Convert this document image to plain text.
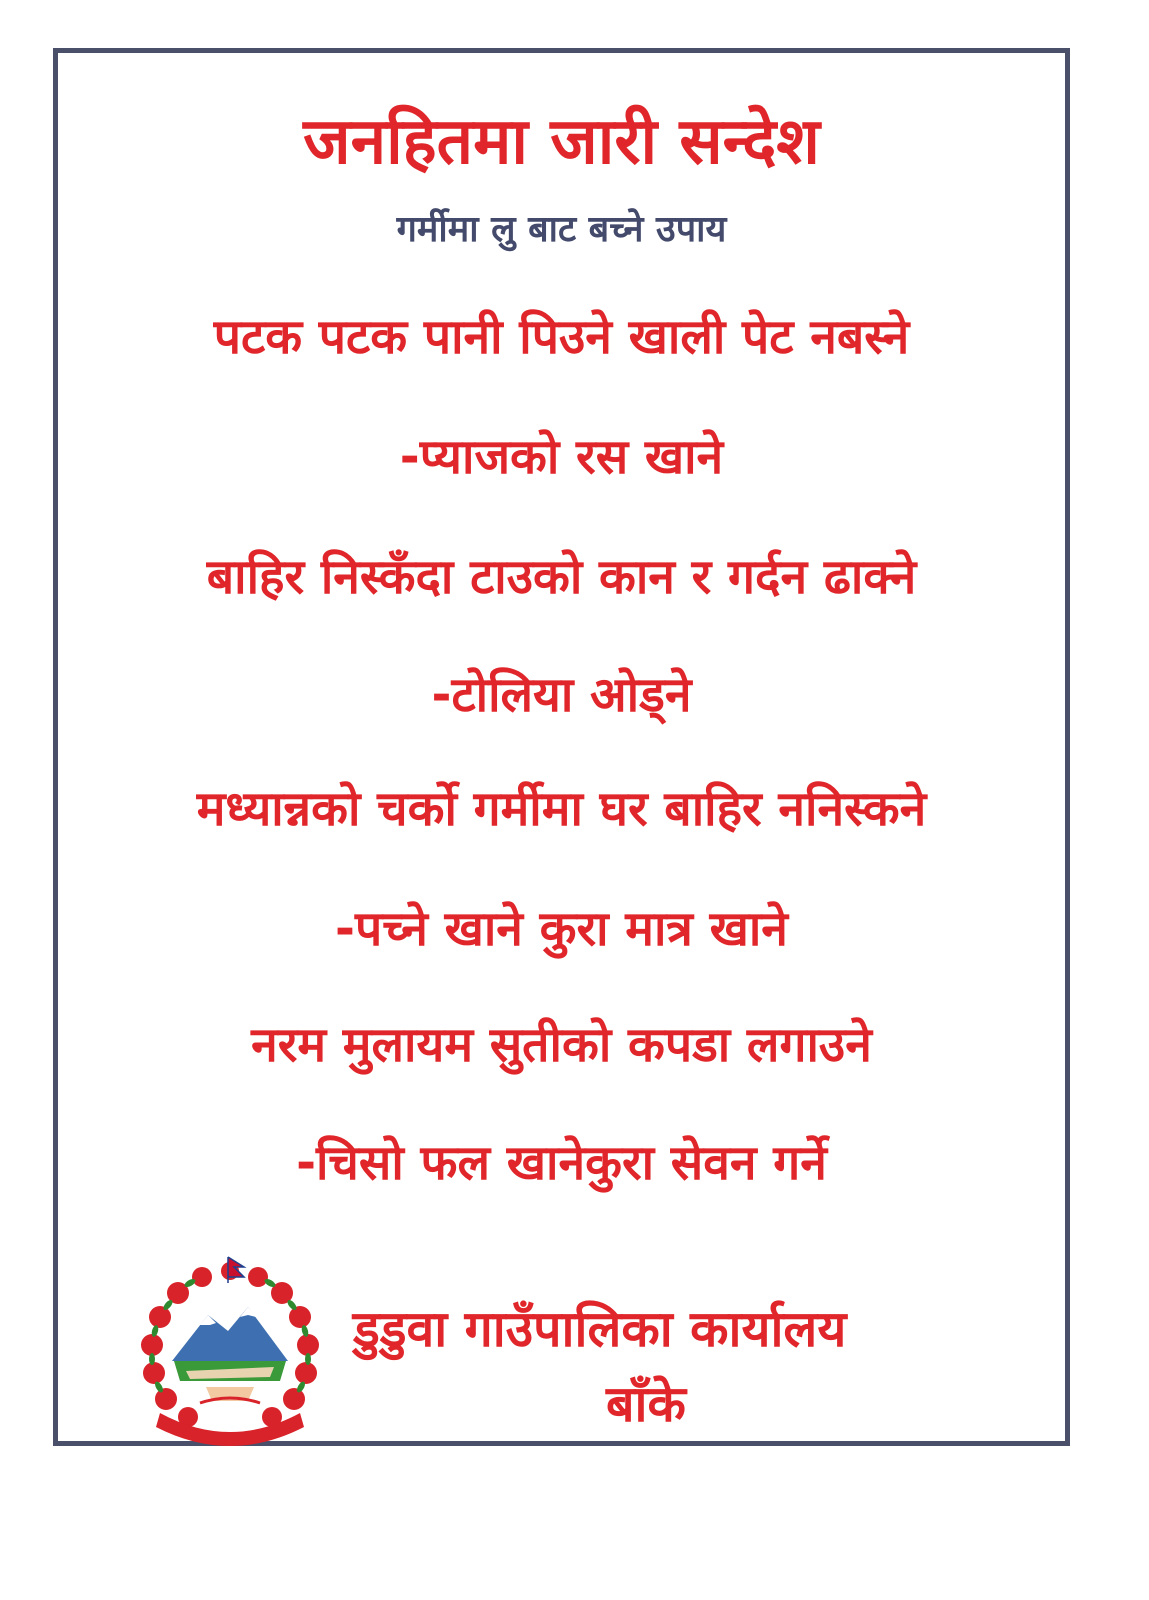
जनहितमा जारी सन्देश
गर्मीमा लु बाट बच्ने उपाय
पटक पटक पानी पिउने खाली पेट नबस्ने
-प्याजको रस खाने
बाहिर निस्कँदा टाउको कान र गर्दन ढाक्ने
-टोलिया ओड्ने
मध्यान्नको चर्को गर्मीमा घर बाहिर ननिस्कने
-पच्ने खाने कुरा मात्र खाने
नरम मुलायम सुतीको कपडा लगाउने
-चिसो फल खानेकुरा सेवन गर्ने
डुडुवा गाउँपालिका कार्यालय
बाँके
